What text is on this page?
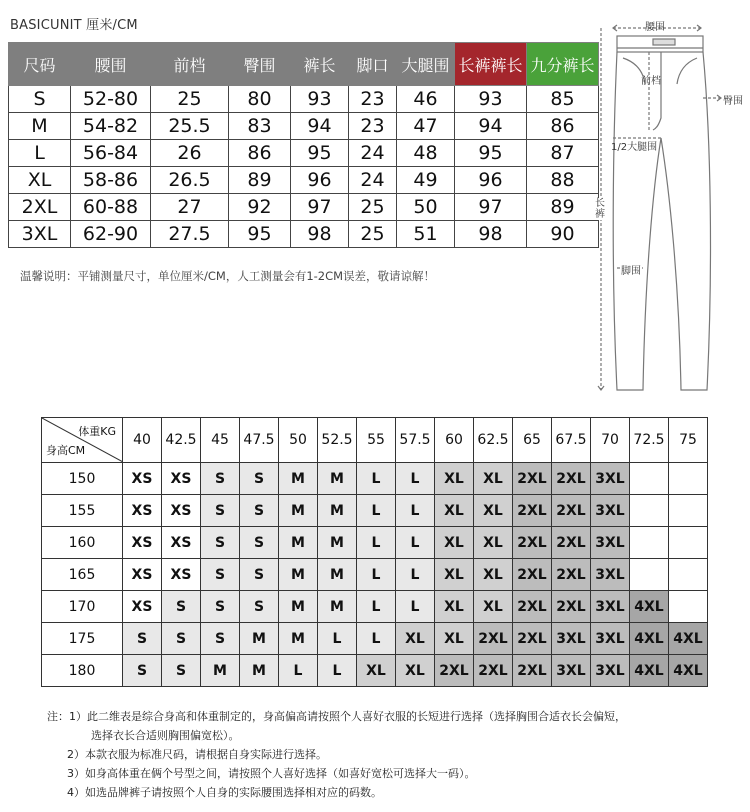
BASICUNIT 厘米/CM
尺码	腰围	前档	臀围	裤长	脚口	大腿围	长裤裤长	九分裤长
S	52-80	25	80	93	23	46	93	85
M	54-82	25.5	83	94	23	47	94	86
L	56-84	26	86	95	24	48	95	87
XL	58-86	26.5	89	96	24	49	96	88
2XL	60-88	27	92	97	25	50	97	89
3XL	62-90	27.5	95	98	25	51	98	90
温馨说明：平铺测量尺寸，单位厘米/CM，人工测量会有1-2CM误差，敬请谅解！
腰围
前档
臀围
1/2大腿围
长裤
脚围
体重KG
身高CM	40	42.5	45	47.5	50	52.5	55	57.5	60	62.5	65	67.5	70	72.5	75
150	XS	XS	S	S	M	M	L	L	XL	XL	2XL	2XL	3XL		
155	XS	XS	S	S	M	M	L	L	XL	XL	2XL	2XL	3XL		
160	XS	XS	S	S	M	M	L	L	XL	XL	2XL	2XL	3XL		
165	XS	XS	S	S	M	M	L	L	XL	XL	2XL	2XL	3XL		
170	XS	S	S	S	M	M	L	L	XL	XL	2XL	2XL	3XL	4XL	
175	S	S	S	M	M	L	L	XL	XL	2XL	2XL	3XL	3XL	4XL	4XL
180	S	S	M	M	L	L	XL	XL	2XL	2XL	2XL	3XL	3XL	4XL	4XL
注：1）此二维表是综合身高和体重制定的，身高偏高请按照个人喜好衣服的长短进行选择（选择胸围合适衣长会偏短，
选择衣长合适则胸围偏宽松）。
2）本款衣服为标准尺码，请根据自身实际进行选择。
3）如身高体重在俩个号型之间，请按照个人喜好选择（如喜好宽松可选择大一码）。
4）如选品牌裤子请按照个人自身的实际腰围选择相对应的码数。
